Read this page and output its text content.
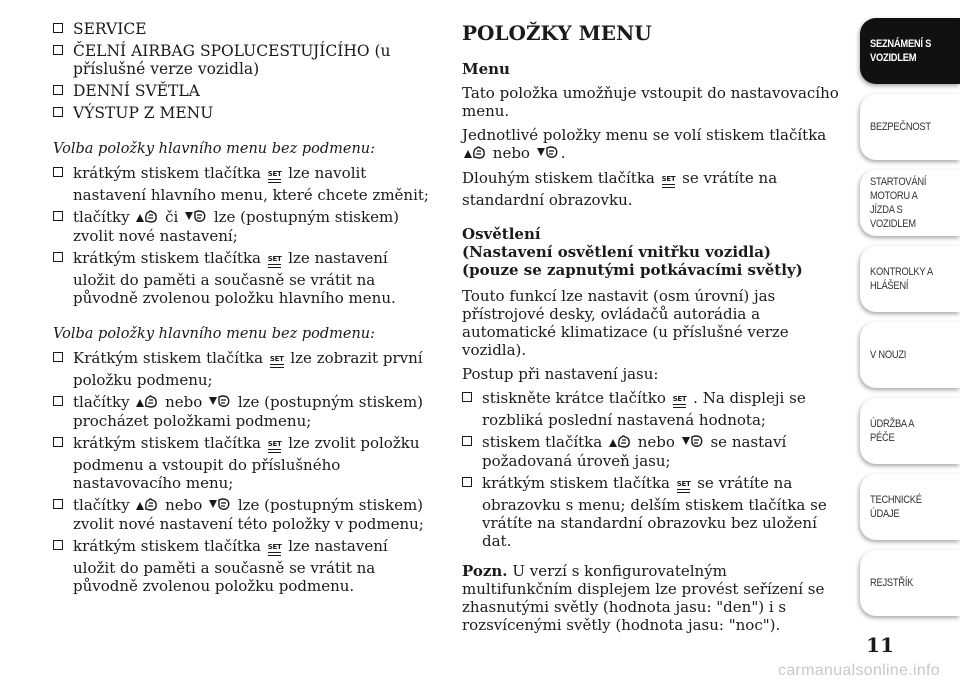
SERVICE
ČELNÍ AIRBAG SPOLUCESTUJÍCÍHO (u příslušné verze vozidla)
DENNÍ SVĚTLA
VÝSTUP Z MENU
Volba položky hlavního menu bez podmenu:
krátkým stiskem tlačítka SET lze navolit nastavení hlavního menu, které chcete změnit;
tlačítky  či  lze (postupným stiskem) zvolit nové nastavení;
krátkým stiskem tlačítka SET lze nastavení uložit do paměti a současně se vrátit na původně zvolenou položku hlavního menu.
Volba položky hlavního menu bez podmenu:
Krátkým stiskem tlačítka SET lze zobrazit první položku podmenu;
tlačítky  nebo  lze (postupným stiskem) procházet položkami podmenu;
krátkým stiskem tlačítka SET lze zvolit položku podmenu a vstoupit do příslušného nastavovacího menu;
tlačítky  nebo  lze (postupným stiskem) zvolit nové nastavení této položky v podmenu;
krátkým stiskem tlačítka SET lze nastavení uložit do paměti a současně se vrátit na původně zvolenou položku podmenu.
POLOŽKY MENU
Menu

Tato položka umožňuje vstoupit do nastavovacího menu.

Jednotlivé položky menu se volí stiskem tlačítka
nebo .

Dlouhým stiskem tlačítka SET se vrátíte na standardní obrazovku.

Osvětlení
(Nastavení osvětlení vnitřku vozidla)
(pouze se zapnutými potkávacími světly)

Touto funkcí lze nastavit (osm úrovní) jas přístrojové desky, ovládačů autorádia a automatické klimatizace (u příslušné verze vozidla).

Postup při nastavení jasu:

stiskněte krátce tlačítko SET . Na displeji se rozbliká poslední nastavená hodnota;
stiskem tlačítka  nebo  se nastaví požadovaná úroveň jasu;
krátkým stiskem tlačítka SET se vrátíte na obrazovku s menu; delším stiskem tlačítka se vrátíte na standardní obrazovku bez uložení dat.

Pozn. U verzí s konfigurovatelným multifunkčním displejem lze provést seřízení se zhasnutými světly (hodnota jasu: "den") i s rozsvícenými světly (hodnota jasu: "noc").

SEZNÁMENÍ S VOZIDLEM
BEZPEČNOST
STARTOVÁNÍ MOTORU A JÍZDA S VOZIDLEM
KONTROLKY A HLÁŠENÍ
V NOUZI
ÚDRŽBA A PÉČE
TECHNICKÉ ÚDAJE
REJSTŘÍK
11
carmanualsonline.info
